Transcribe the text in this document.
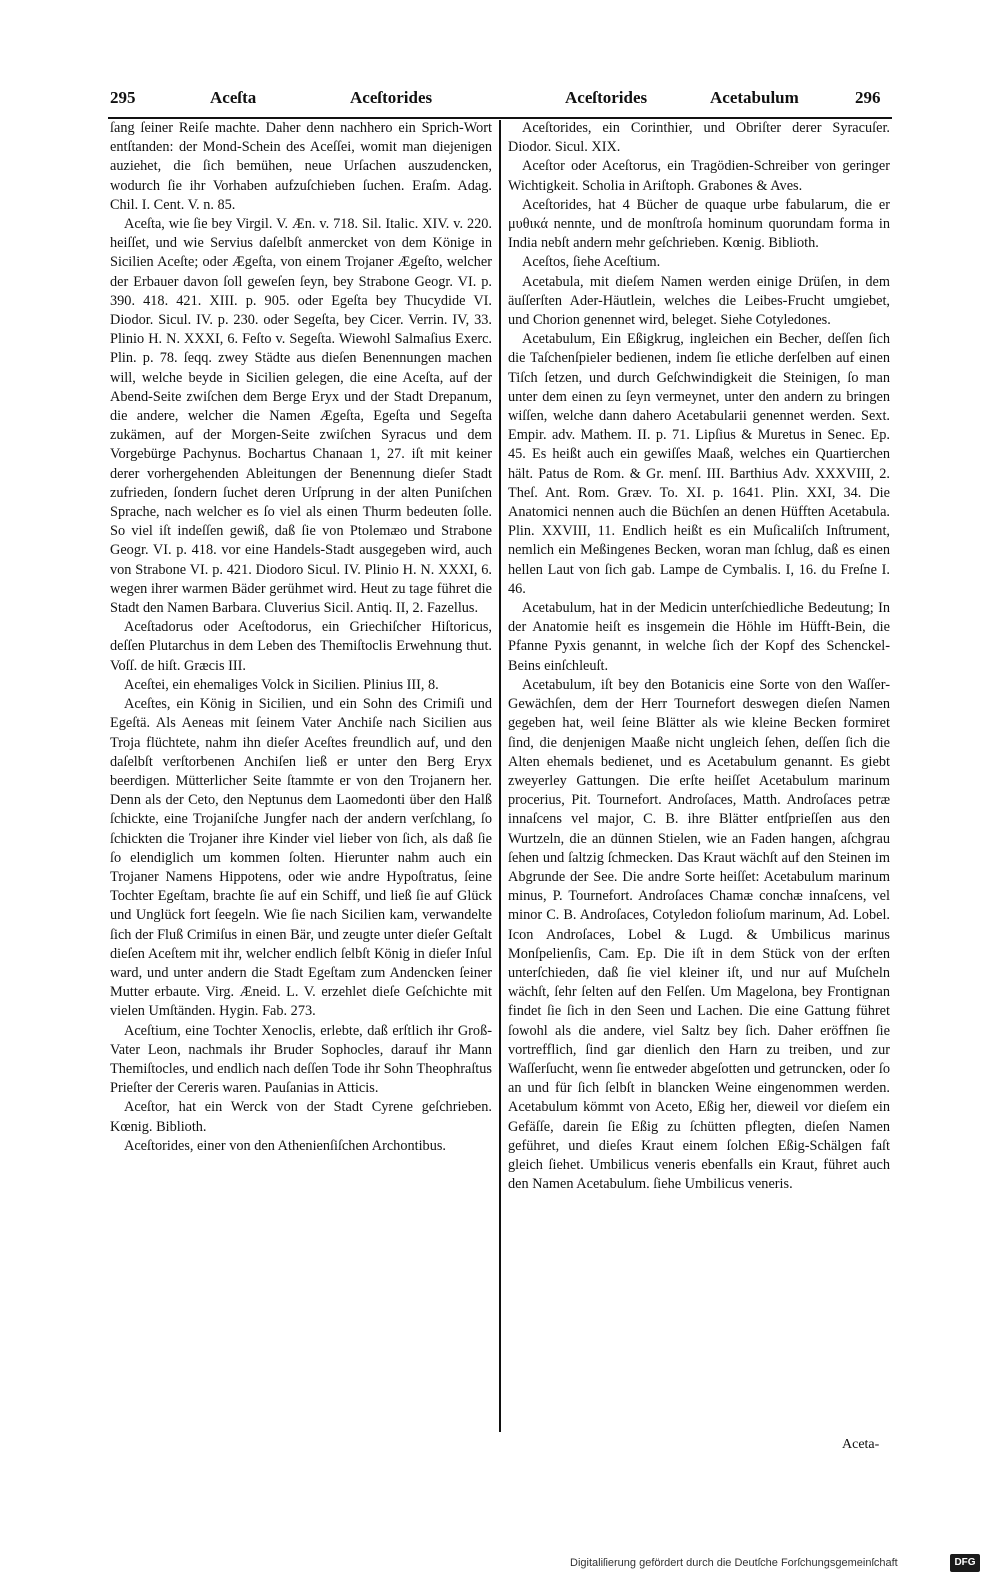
295	Aceſta	Aceſtorides	Aceſtorides	Acetabulum	296

ſang ſeiner Reiſe machte. Daher denn nachhero ein Sprich-Wort entſtanden: der Mond-Schein des Aceſſei, womit man diejenigen auziehet, die ſich bemühen, neue Urſachen auszudencken, wodurch ſie ihr Vorhaben aufzuſchieben ſuchen. Eraſm. Adag. Chil. I. Cent. V. n. 85.

Aceſta, wie ſie bey Virgil. V. Æn. v. 718. Sil. Italic. XIV. v. 220. heiſſet, und wie Servius daſelbſt anmercket von dem Könige in Sicilien Aceſte; oder Ægeſta, von einem Trojaner Ægeſto, welcher der Erbauer davon ſoll geweſen ſeyn, bey Strabone Geogr. VI. p. 390. 418. 421. XIII. p. 905. oder Egeſta bey Thucydide VI. Diodor. Sicul. IV. p. 230. oder Segeſta, bey Cicer. Verrin. IV, 33. Plinio H. N. XXXI, 6. Feſto v. Segeſta. Wiewohl Salmaſius Exerc. Plin. p. 78. ſeqq. zwey Städte aus dieſen Benennungen machen will, welche beyde in Sicilien gelegen, die eine Aceſta, auf der Abend-Seite zwiſchen dem Berge Eryx und der Stadt Drepanum, die andere, welcher die Namen Ægeſta, Egeſta und Segeſta zukämen, auf der Morgen-Seite zwiſchen Syracus und dem Vorgebürge Pachynus. Bochartus Chanaan 1, 27. iſt mit keiner derer vorhergehenden Ableitungen der Benennung dieſer Stadt zufrieden, ſondern ſuchet deren Urſprung in der alten Puniſchen Sprache, nach welcher es ſo viel als einen Thurm bedeuten ſolle. So viel iſt indeſſen gewiß, daß ſie von Ptolemæo und Strabone Geogr. VI. p. 418. vor eine Handels-Stadt ausgegeben wird, auch von Strabone VI. p. 421. Diodoro Sicul. IV. Plinio H. N. XXXI, 6. wegen ihrer warmen Bäder gerühmet wird. Heut zu tage führet die Stadt den Namen Barbara. Cluverius Sicil. Antiq. II, 2. Fazellus.

Aceſtadorus oder Aceſtodorus, ein Griechiſcher Hiſtoricus, deſſen Plutarchus in dem Leben des Themiſtoclis Erwehnung thut. Voſſ. de hiſt. Græcis III.

Aceſtei, ein ehemaliges Volck in Sicilien. Plinius III, 8.

Aceſtes, ein König in Sicilien, und ein Sohn des Crimiſi und Egeſtä. Als Aeneas mit ſeinem Vater Anchiſe nach Sicilien aus Troja flüchtete, nahm ihn dieſer Aceſtes freundlich auf, und den daſelbſt verſtorbenen Anchiſen ließ er unter den Berg Eryx beerdigen. Mütterlicher Seite ſtammte er von den Trojanern her. Denn als der Ceto, den Neptunus dem Laomedonti über den Halß ſchickte, eine Trojaniſche Jungfer nach der andern verſchlang, ſo ſchickten die Trojaner ihre Kinder viel lieber von ſich, als daß ſie ſo elendiglich um kommen ſolten. Hierunter nahm auch ein Trojaner Namens Hippotens, oder wie andre Hypoſtratus, ſeine Tochter Egeſtam, brachte ſie auf ein Schiff, und ließ ſie auf Glück und Unglück fort ſeegeln. Wie ſie nach Sicilien kam, verwandelte ſich der Fluß Crimiſus in einen Bär, und zeugte unter dieſer Geſtalt dieſen Aceſtem mit ihr, welcher endlich ſelbſt König in dieſer Inſul ward, und unter andern die Stadt Egeſtam zum Andencken ſeiner Mutter erbaute. Virg. Æneid. L. V. erzehlet dieſe Geſchichte mit vielen Umſtänden. Hygin. Fab. 273.

Aceſtium, eine Tochter Xenoclis, erlebte, daß erſtlich ihr Groß-Vater Leon, nachmals ihr Bruder Sophocles, darauf ihr Mann Themiſtocles, und endlich nach deſſen Tode ihr Sohn Theophraſtus Prieſter der Cereris waren. Pauſanias in Atticis.

Aceſtor, hat ein Werck von der Stadt Cyrene geſchrieben. Kœnig. Biblioth.

Aceſtorides, einer von den Athenienſiſchen Archontibus.

Aceſtorides, ein Corinthier, und Obriſter derer Syracuſer. Diodor. Sicul. XIX.

Aceſtor oder Aceſtorus, ein Tragödien-Schreiber von geringer Wichtigkeit. Scholia in Ariſtoph. Grabones & Aves.

Aceſtorides, hat 4 Bücher de quaque urbe fabularum, die er μυθικά nennte, und de monſtroſa hominum quorundam forma in India nebſt andern mehr geſchrieben. Kœnig. Biblioth.

Aceſtos, ſiehe Aceſtium.

Acetabula, mit dieſem Namen werden einige Drüſen, in dem äuſſerſten Ader-Häutlein, welches die Leibes-Frucht umgiebet, und Chorion genennet wird, beleget. Siehe Cotyledones.

Acetabulum, Ein Eßigkrug, ingleichen ein Becher, deſſen ſich die Taſchenſpieler bedienen, indem ſie etliche derſelben auf einen Tiſch ſetzen, und durch Geſchwindigkeit die Steinigen, ſo man unter dem einen zu ſeyn vermeynet, unter den andern zu bringen wiſſen, welche dann dahero Acetabularii genennet werden. Sext. Empir. adv. Mathem. II. p. 71. Lipſius & Muretus in Senec. Ep. 45. Es heißt auch ein gewiſſes Maaß, welches ein Quartierchen hält. Patus de Rom. & Gr. menſ. III. Barthius Adv. XXXVIII, 2. Theſ. Ant. Rom. Græv. To. XI. p. 1641. Plin. XXI, 34. Die Anatomici nennen auch die Büchſen an denen Hüfften Acetabula. Plin. XXVIII, 11. Endlich heißt es ein Muſicaliſch Inſtrument, nemlich ein Meßingenes Becken, woran man ſchlug, daß es einen hellen Laut von ſich gab. Lampe de Cymbalis. I, 16. du Freſne I. 46.

Acetabulum, hat in der Medicin unterſchiedliche Bedeutung; In der Anatomie heiſt es insgemein die Höhle im Hüfft-Bein, die Pfanne Pyxis genannt, in welche ſich der Kopf des Schenckel-Beins einſchleuſt.

Acetabulum, iſt bey den Botanicis eine Sorte von den Waſſer-Gewächſen, dem der Herr Tournefort deswegen dieſen Namen gegeben hat, weil ſeine Blätter als wie kleine Becken formiret ſind, die denjenigen Maaße nicht ungleich ſehen, deſſen ſich die Alten ehemals bedienet, und es Acetabulum genannt. Es giebt zweyerley Gattungen. Die erſte heiſſet Acetabulum marinum procerius, Pit. Tournefort. Androſaces, Matth. Androſaces petræ innaſcens vel major, C. B. ihre Blätter entſprieſſen aus den Wurtzeln, die an dünnen Stielen, wie an Faden hangen, aſchgrau ſehen und ſaltzig ſchmecken. Das Kraut wächſt auf den Steinen im Abgrunde der See. Die andre Sorte heiſſet: Acetabulum marinum minus, P. Tournefort. Androſaces Chamæ conchæ innaſcens, vel minor C. B. Androſaces, Cotyledon folioſum marinum, Ad. Lobel. Icon Androſaces, Lobel & Lugd. & Umbilicus marinus Monſpelienſis, Cam. Ep. Die iſt in dem Stück von der erſten unterſchieden, daß ſie viel kleiner iſt, und nur auf Muſcheln wächſt, ſehr ſelten auf den Felſen. Um Magelona, bey Frontignan findet ſie ſich in den Seen und Lachen. Die eine Gattung führet ſowohl als die andere, viel Saltz bey ſich. Daher eröffnen ſie vortrefflich, ſind gar dienlich den Harn zu treiben, und zur Waſſerſucht, wenn ſie entweder abgeſotten und getruncken, oder ſo an und für ſich ſelbſt in blancken Weine eingenommen werden. Acetabulum kömmt von Aceto, Eßig her, dieweil vor dieſem ein Gefäſſe, darein ſie Eßig zu ſchütten pflegten, dieſen Namen geführet, und dieſes Kraut einem ſolchen Eßig-Schälgen faſt gleich ſiehet. Umbilicus veneris ebenfalls ein Kraut, führet auch den Namen Acetabulum. ſiehe Umbilicus veneris.

Aceta-
Digitaliſierung gefördert durch die Deutſche Forſchungsgemeinſchaft	DFG
